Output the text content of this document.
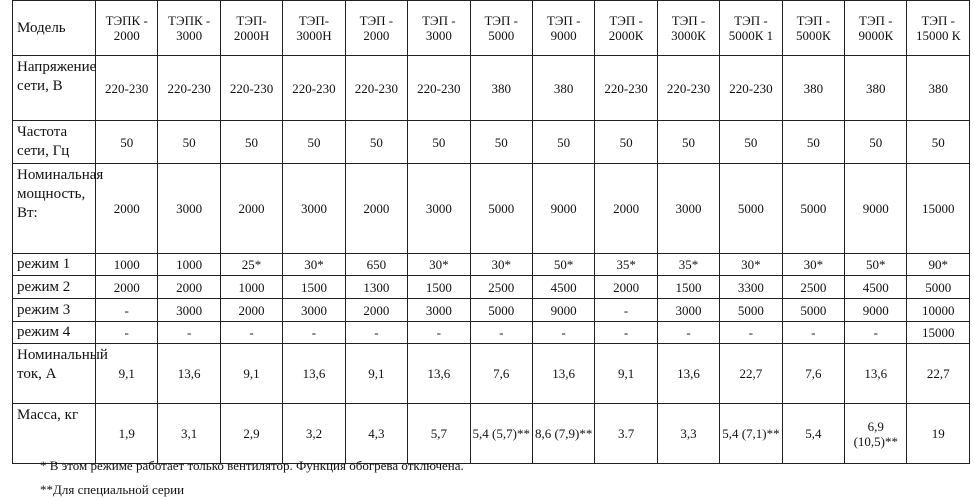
Модель	ТЭПК - 2000	ТЭПК - 3000	ТЭП- 2000Н	ТЭП- 3000Н	ТЭП - 2000	ТЭП - 3000	ТЭП - 5000	ТЭП - 9000	ТЭП - 2000К	ТЭП - 3000К	ТЭП - 5000К 1	ТЭП - 5000К	ТЭП - 9000К	ТЭП - 15000 К
Напряжение сети, В	220-230	220-230	220-230	220-230	220-230	220-230	380	380	220-230	220-230	220-230	380	380	380
Частота сети, Гц	50	50	50	50	50	50	50	50	50	50	50	50	50	50
Номинальная мощность, Вт:	2000	3000	2000	3000	2000	3000	5000	9000	2000	3000	5000	5000	9000	15000
режим 1	1000	1000	25*	30*	650	30*	30*	50*	35*	35*	30*	30*	50*	90*
режим 2	2000	2000	1000	1500	1300	1500	2500	4500	2000	1500	3300	2500	4500	5000
режим 3	-	3000	2000	3000	2000	3000	5000	9000	-	3000	5000	5000	9000	10000
режим 4	-	-	-	-	-	-	-	-	-	-	-	-	-	15000
Номинальный ток, А	9,1	13,6	9,1	13,6	9,1	13,6	7,6	13,6	9,1	13,6	22,7	7,6	13,6	22,7
Масса, кг	1,9	3,1	2,9	3,2	4,3	5,7	5,4 (5,7)**	8,6 (7,9)**	3.7	3,3	5,4 (7,1)**	5,4	6,9 (10,5)**	19
* В этом режиме работает только вентилятор. Функция обогрева отключена.
**Для специальной серии
